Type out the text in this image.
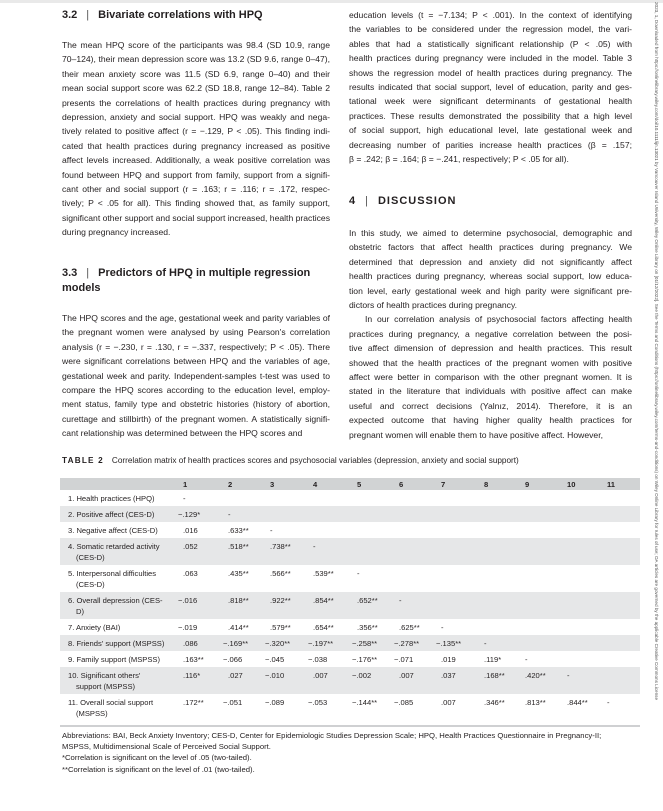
3.2 | Bivariate correlations with HPQ
The mean HPQ score of the participants was 98.4 (SD 10.9, range
70–124), their mean depression score was 13.2 (SD 9.6, range 0–47),
their mean anxiety score was 11.5 (SD 6.9, range 0–40) and their
mean social support score was 62.2 (SD 18.8, range 12–84). Table 2
presents the correlations of health practices during pregnancy with
depression, anxiety and social support. HPQ was weakly and nega-
tively related to positive affect (r = −.129, P < .05). This finding indi-
cated that health practices during pregnancy increased as positive
affect levels increased. Additionally, a weak positive correlation was
found between HPQ and support from family, support from a signifi-
cant other and social support (r = .163; r = .116; r = .172, respec-
tively; P < .05 for all). This finding showed that, as family support,
significant other support and social support increased, health practices
during pregnancy increased.
3.3 | Predictors of HPQ in multiple regression
models
The HPQ scores and the age, gestational week and parity variables of
the pregnant women were analysed by using Pearson's correlation
analysis (r = −.230, r = .130, r = −.337, respectively; P < .05). There
were significant correlations between HPQ and the variables of age,
gestational week and parity. Independent-samples t-test was used to
compare the HPQ scores according to the education level, employ-
ment status, family type and obstetric histories (history of abortion,
curettage and stillbirth) of the pregnant women. A statistically signifi-
cant relationship was determined between the HPQ scores and
education levels (t = −7.134; P < .001). In the context of identifying
the variables to be considered under the regression model, the vari-
ables that had a statistically significant relationship (P < .05) with
health practices during pregnancy were included in the model. Table 3
shows the regression model of health practices during pregnancy. The
results indicated that social support, level of education, parity and ges-
tational week were significant determinants of gestational health
practices. These results demonstrated the possibility that a high level
of social support, high educational level, late gestational week and
decreasing number of parities increase health practices (β = .157;
β = .242; β = .164; β = −.241, respectively; P < .05 for all).
4 | DISCUSSION
In this study, we aimed to determine psychosocial, demographic and
obstetric factors that affect health practices during pregnancy. We
determined that depression and anxiety did not significantly affect
health practices during pregnancy, whereas social support, low educa-
tion level, early gestational week and high parity were significant pre-
dictors of health practices during pregnancy.
In our correlation analysis of psychosocial factors affecting health
practices during pregnancy, a negative correlation between the posi-
tive affect dimension of depression and health practices. This result
showed that the health practices of the pregnant women with positive
affect were better in comparison with the other pregnant women. It is
stated in the literature that individuals with positive affect can make
useful and correct decisions (Yalnız, 2014). Therefore, it is an
expected outcome that having higher quality health practices for
pregnant women will enable them to have positive affect. However,
TABLE 2 Correlation matrix of health practices scores and psychosocial variables (depression, anxiety and social support)
	1	2	3	4	5	6	7	8	9	10	11

1. Health practices (HPQ)	-										

2. Positive affect (CES-D)	−.129*	-									

3. Negative affect (CES-D)	.016	.633**	-								

4. Somatic retarded activity
(CES-D)	.052	.518**	.738**	-							

5. Interpersonal difficulties
(CES-D)	.063	.435**	.566**	.539**	-						

6. Overall depression (CES-
D)	−.016	.818**	.922**	.854**	.652**	-					

7. Anxiety (BAI)	−.019	.414**	.579**	.654**	.356**	.625**	-				

8. Friends' support (MSPSS)	.086	−.169**	−.320**	−.197**	−.258**	−.278**	−.135**	-			

9. Family support (MSPSS)	.163**	−.066	−.045	−.038	−.176**	−.071	.019	.119*	-		

10. Significant others'
support (MSPSS)	.116*	.027	−.010	.007	−.002	.007	.037	.168**	.420**	-	

11. Overall social support
(MSPSS)	.172**	−.051	−.089	−.053	−.144**	−.085	.007	.346**	.813**	.844**	-
Abbreviations: BAI, Beck Anxiety Inventory; CES-D, Center for Epidemiologic Studies Depression Scale; HPQ, Health Practices Questionnaire in Pregnancy-II; MSPSS, Multidimensional Scale of Perceived Social Support.
*Correlation is significant on the level of .05 (two-tailed).
**Correlation is significant on the level of .01 (two-tailed).
2023, 1, Downloaded from https://onlinelibrary.wiley.com/doi/10.1111/ijn.13021 by Vancouver Island University, Wiley Online Library on [01/12/2022]. See the Terms and Conditions (https://onlinelibrary.wiley.com/terms-and-conditions) on Wiley Online Library for rules of use; OA articles are governed by the applicable Creative Commons License
